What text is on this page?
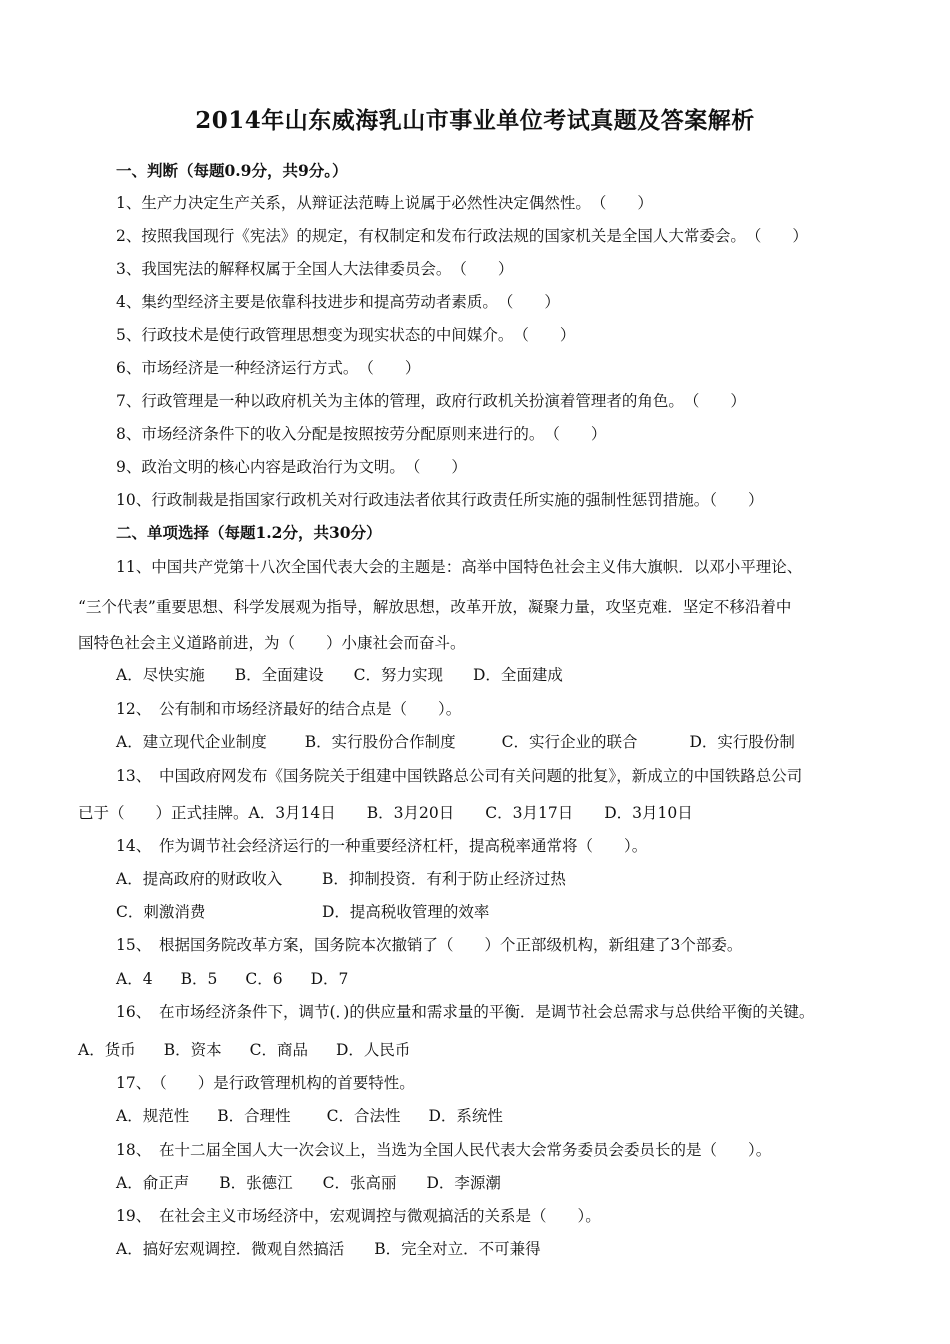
2014年山东威海乳山市事业单位考试真题及答案解析
一、判断（每题0.9分，共9分。）
1、生产力决定生产关系，从辩证法范畴上说属于必然性决定偶然性。　（　　）
2、按照我国现行《宪法》的规定，有权制定和发布行政法规的国家机关是全国人大常委会。　（　　）
3、我国宪法的解释权属于全国人大法律委员会。　（　　）
4、集约型经济主要是依靠科技进步和提高劳动者素质。　（　　）
5、行政技术是使行政管理思想变为现实状态的中间媒介。　（　　）
6、市场经济是一种经济运行方式。　（　　）
7、行政管理是一种以政府机关为主体的管理，政府行政机关扮演着管理者的角色。　（　　）
8、市场经济条件下的收入分配是按照按劳分配原则来进行的。　（　　）
9、政治文明的核心内容是政治行为文明。　（　　）
10、行政制裁是指国家行政机关对行政违法者依其行政责任所实施的强制性惩罚措施。（　　）
二、单项选择（每题1.2分，共30分）
11、中国共产党第十八次全国代表大会的主题是：高举中国特色社会主义伟大旗帜．以邓小平理论、
“三个代表”重要思想、科学发展观为指导，解放思想，改革开放，凝聚力量，攻坚克难．坚定不移沿着中
国特色社会主义道路前进，为（　　）小康社会而奋斗。
A．尽快实施 B．全面建设 C．努力实现 D．全面建成
12、　公有制和市场经济最好的结合点是（　　）。
A．建立现代企业制度 B．实行股份合作制度	C．实行企业的联合	D．实行股份制
13、　中国政府网发布《国务院关于组建中国铁路总公司有关问题的批复》，新成立的中国铁路总公司
已于（　　）正式挂牌。A．3月14日　　B．3月20日　　C．3月17日　　D．3月10日
14、　作为调节社会经济运行的一种重要经济杠杆，提高税率通常将（　　）。
A．提高政府的财政收入	B．抑制投资．有利于防止经济过热
C．刺激消费	D．提高税收管理的效率
15、　根据国务院改革方案，国务院本次撤销了（　　）个正部级机构，新组建了3个部委。
A．4 B．5 C．6 D．7
16、　在市场经济条件下，调节(．)的供应量和需求量的平衡．是调节社会总需求与总供给平衡的关键。
A．货币 B．资本 C．商品 D．人民币
17、　（　　）是行政管理机构的首要特性。
A．规范性 B．合理性 C．合法性 D．系统性
18、　在十二届全国人大一次会议上，当选为全国人民代表大会常务委员会委员长的是（　　）。
A．俞正声 B．张德江 C．张高丽 D．李源潮
19、　在社会主义市场经济中，宏观调控与微观搞活的关系是（　　）。
A．搞好宏观调控．微观自然搞活 B．完全对立．不可兼得
